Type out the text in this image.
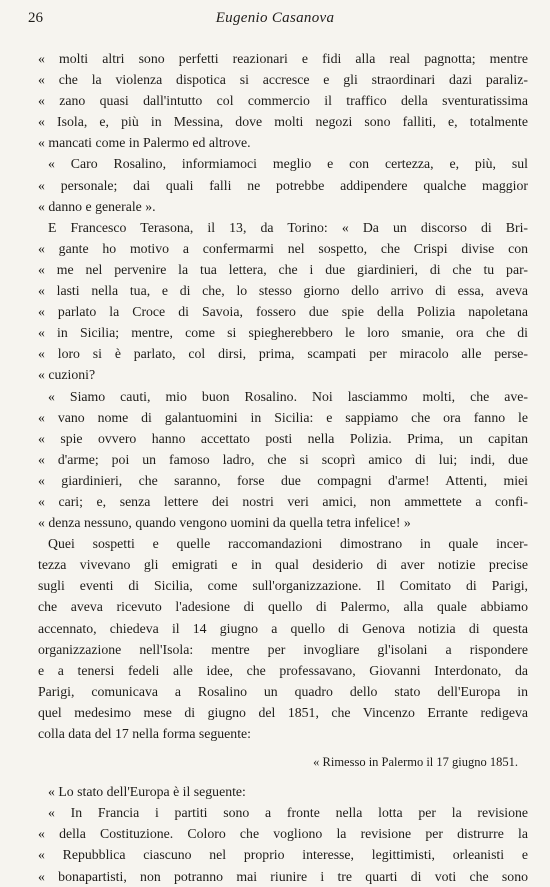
26	Eugenio Casanova
« molti altri sono perfetti reazionari e fidi alla real pagnotta; mentre
« che la violenza dispotica si accresce e gli straordinari dazi paraliz-
« zano quasi dall'intutto col commercio il traffico della sventuratissima
« Isola, e, più in Messina, dove molti negozi sono falliti, e, totalmente
« mancati come in Palermo ed altrove.
« Caro Rosalino, informiamoci meglio e con certezza, e, più, sul
« personale; dai quali falli ne potrebbe addipendere qualche maggior
« danno e generale ».
E Francesco Terasona, il 13, da Torino: « Da un discorso di Bri-
« gante ho motivo a confermarmi nel sospetto, che Crispi divise con
« me nel pervenire la tua lettera, che i due giardinieri, di che tu par-
« lasti nella tua, e di che, lo stesso giorno dello arrivo di essa, aveva
« parlato la Croce di Savoia, fossero due spie della Polizia napoletana
« in Sicilia; mentre, come si spiegherebbero le loro smanie, ora che di
« loro si è parlato, col dirsi, prima, scampati per miracolo alle perse-
« cuzioni?
« Siamo cauti, mio buon Rosalino. Noi lasciammo molti, che ave-
« vano nome di galantuomini in Sicilia: e sappiamo che ora fanno le
« spie ovvero hanno accettato posti nella Polizia. Prima, un capitan
« d'arme; poi un famoso ladro, che si scoprì amico di lui; indi, due
« giardinieri, che saranno, forse due compagni d'arme! Attenti, miei
« cari; e, senza lettere dei nostri veri amici, non ammettete a confi-
« denza nessuno, quando vengono uomini da quella tetra infelice! »
Quei sospetti e quelle raccomandazioni dimostrano in quale incer-
tezza vivevano gli emigrati e in qual desiderio di aver notizie precise
sugli eventi di Sicilia, come sull'organizzazione. Il Comitato di Parigi,
che aveva ricevuto l'adesione di quello di Palermo, alla quale abbiamo
accennato, chiedeva il 14 giugno a quello di Genova notizia di questa
organizzazione nell'Isola: mentre per invogliare gl'isolani a rispondere
e a tenersi fedeli alle idee, che professavano, Giovanni Interdonato, da
Parigi, comunicava a Rosalino un quadro dello stato dell'Europa in
quel medesimo mese di giugno del 1851, che Vincenzo Errante redigeva
colla data del 17 nella forma seguente:
« Rimesso in Palermo il 17 giugno 1851.
« Lo stato dell'Europa è il seguente:
« In Francia i partiti sono a fronte nella lotta per la revisione
« della Costituzione. Coloro che vogliono la revisione per distrurre la
« Repubblica ciascuno nel proprio interesse, legittimisti, orleanisti e
« bonapartisti, non potranno mai riunire i tre quarti di voti che sono
